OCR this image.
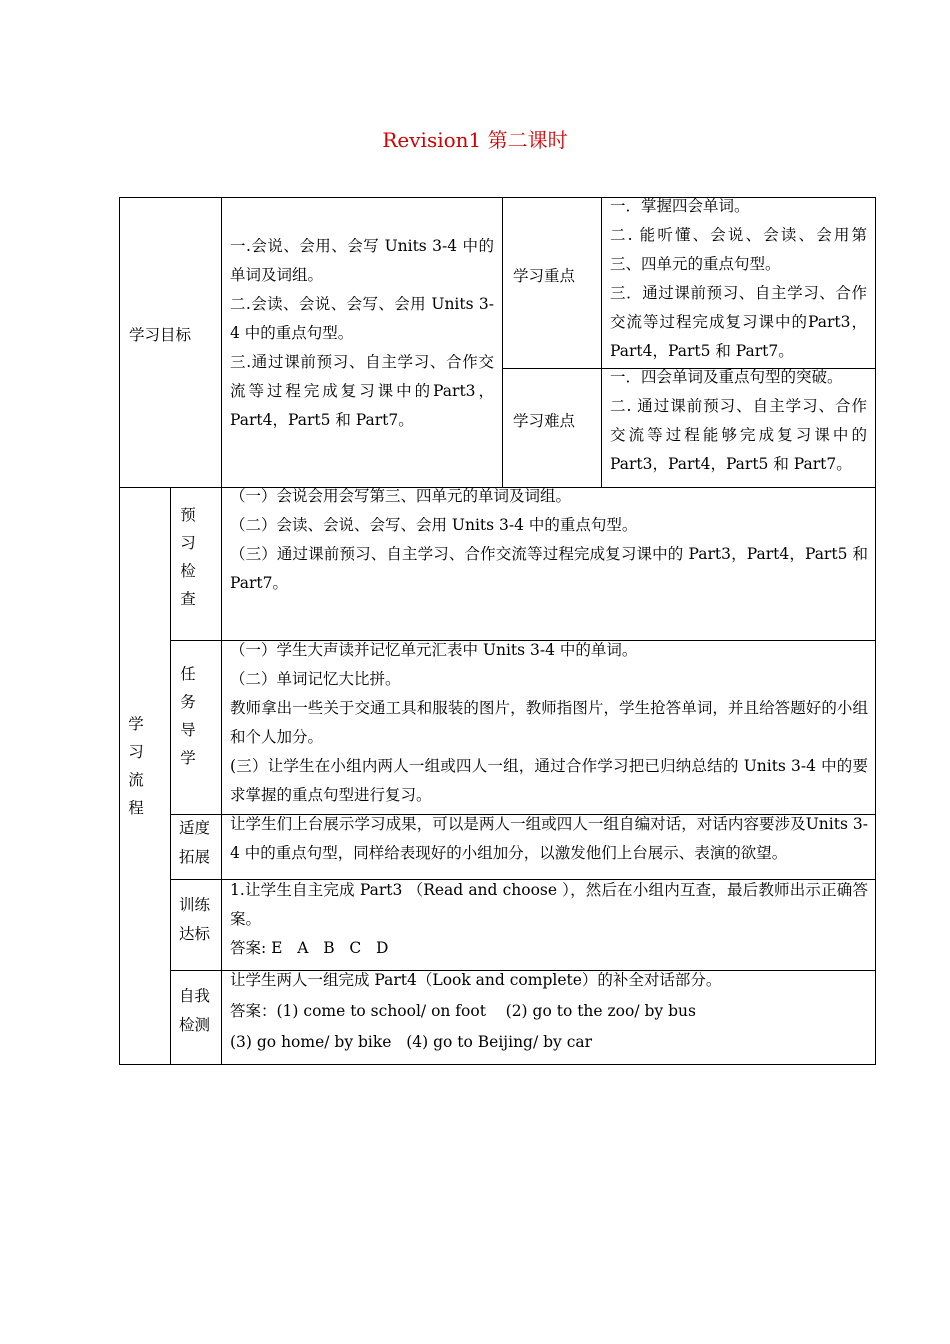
Revision1 第二课时
学习目标

一.会说、会用、会写 Units 3-4 中的单词及词组。

二.会读、会说、会写、会用 Units 3-4 中的重点句型。

三.通过课前预习、自主学习、合作交流等过程完成复习课中的Part3，Part4，Part5 和 Part7。

学习重点

一．掌握四会单词。

二. 能听懂、会说、会读、会用第三、四单元的重点句型。

三．通过课前预习、自主学习、合作交流等过程完成复习课中的Part3，Part4，Part5 和 Part7。

学习难点

一．四会单词及重点句型的突破。

二. 通过课前预习、自主学习、合作交流等过程能够完成复习课中的Part3，Part4，Part5 和 Part7。

学习流程
预习检查

（一）会说会用会写第三、四单元的单词及词组。

（二）会读、会说、会写、会用 Units 3-4 中的重点句型。

（三）通过课前预习、自主学习、合作交流等过程完成复习课中的 Part3，Part4，Part5 和Part7。

任务导学

（一）学生大声读并记忆单元汇表中 Units 3-4 中的单词。

（二）单词记忆大比拼。

教师拿出一些关于交通工具和服装的图片，教师指图片，学生抢答单词，并且给答题好的小组和个人加分。

(三）让学生在小组内两人一组或四人一组，通过合作学习把已归纳总结的 Units 3-4 中的要求掌握的重点句型进行复习。

适度拓展

让学生们上台展示学习成果，可以是两人一组或四人一组自编对话，对话内容要涉及Units 3-4 中的重点句型，同样给表现好的小组加分，以激发他们上台展示、表演的欲望。

训练达标

1.让学生自主完成 Part3 （Read and choose ），然后在小组内互查，最后教师出示正确答案。

答案: E   A   B   C   D

自我检测

让学生两人一组完成 Part4（Look and complete）的补全对话部分。

答案：(1) come to school/ on foot    (2) go to the zoo/ by bus

(3) go home/ by bike   (4) go to Beijing/ by car
